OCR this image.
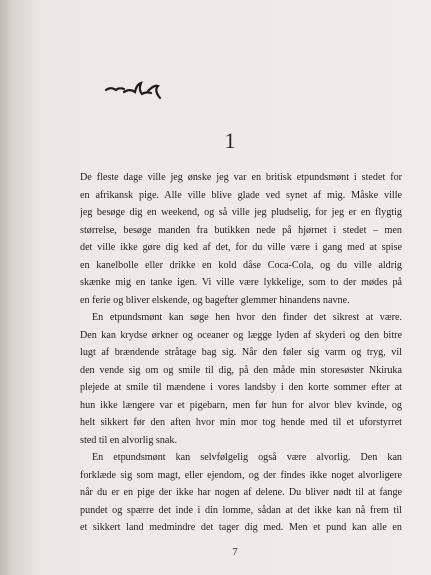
1
De fleste dage ville jeg ønske jeg var en britisk etpundsmønt i stedet for
en afrikansk pige. Alle ville blive glade ved synet af mig. Måske ville
jeg besøge dig en weekend, og så ville jeg pludselig, for jeg er en flygtig
størrelse, besøge manden fra butikken nede på hjørnet i stedet – men
det ville ikke gøre dig ked af det, for du ville være i gang med at spise
en kanelbolle eller drikke en kold dåse Coca-Cola, og du ville aldrig
skænke mig en tanke igen. Vi ville være lykkelige, som to der mødes på
en ferie og bliver elskende, og bagefter glemmer hinandens navne.
En etpundsmønt kan søge hen hvor den finder det sikrest at være.
Den kan krydse ørkner og oceaner og lægge lyden af skyderi og den bitre
lugt af brændende stråtage bag sig. Når den føler sig varm og tryg, vil
den vende sig om og smile til dig, på den måde min storesøster Nkiruka
plejede at smile til mændene i vores landsby i den korte sommer efter at
hun ikke længere var et pigebarn, men før hun for alvor blev kvinde, og
helt sikkert før den aften hvor min mor tog hende med til et uforstyrret
sted til en alvorlig snak.
En etpundsmønt kan selvfølgelig også være alvorlig. Den kan
forklæde sig som magt, eller ejendom, og der findes ikke noget alvorligere
når du er en pige der ikke har nogen af delene. Du bliver nødt til at fange
pundet og spærre det inde i din lomme, sådan at det ikke kan nå frem til
et sikkert land medmindre det tager dig med. Men et pund kan alle en
7
